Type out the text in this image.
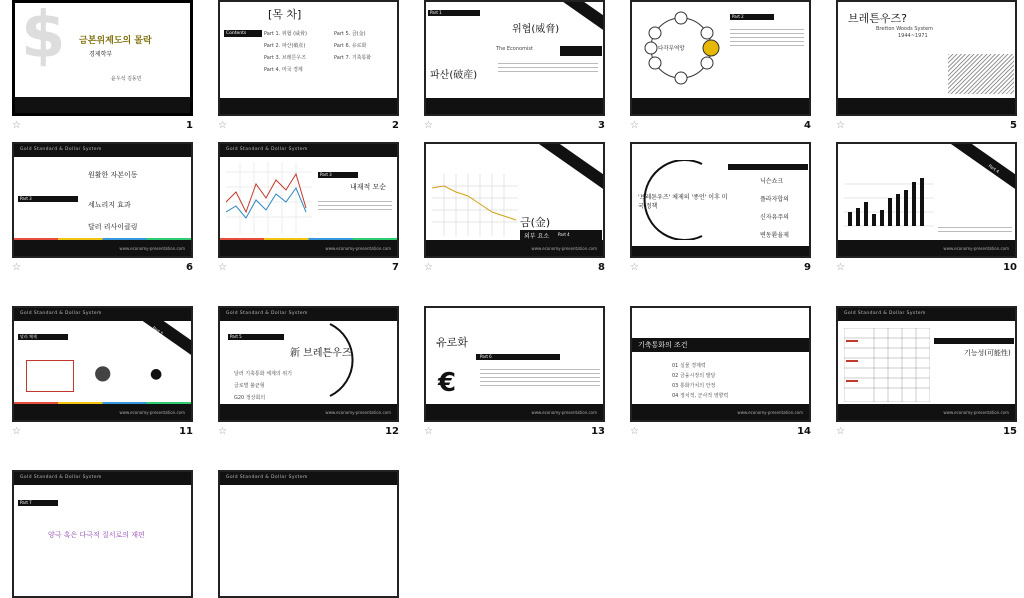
$ 금본위제도의 몰락
경제학부
윤우석 김동민
☆	1
[목 차]
Contents	Part 1. 위협 (威脅)
Part 2. 파산(破産)
Part 3. 브레튼우즈
Part 4. 미국 경제
Part 5. 금(金)
Part 6. 유로화
Part 7. 기축통화
☆	2
Part 1
위협(威脅)
The Economist
파산(破産)
☆	3
다각무역망
Part 2
☆	4
브레튼우즈?
Bretton Woods System
1944~1971
☆	5
Gold Standard & Dollar System
Part 3
원활한 자본이동
세뇨리지 효과
달러 리사이클링
www.economy-presentation.com
☆	6
Gold Standard & Dollar System
Part 3
내재적 모순
www.economy-presentation.com
☆	7
금(金)
외부 요소 Part 4
www.economy-presentation.com
☆	8
'브레튼우즈' 체제의 '종언' 이후 미국 정책
닉슨쇼크
플라자합의
신자유주의
변동환율제
☆	9
Part 4
www.economy-presentation.com
☆	10
Gold Standard & Dollar System
달러 체제
Part 5
●	●
www.economy-presentation.com
☆	11
Gold Standard & Dollar System
Part 5
新 브레튼우즈
달러 기축통화 체제의 위기
글로벌 불균형
G20 정상회의
www.economy-presentation.com
☆	12
유로화
Part 6
€
www.economy-presentation.com
☆	13
기축통화의 조건
01 실물 경제력
02 금융시장의 발달
03 통화가치의 안정
04 정치적, 군사적 영향력
www.economy-presentation.com
☆	14
Gold Standard & Dollar System
기능성(可能性)
www.economy-presentation.com
☆	15
Gold Standard & Dollar System
Part 7
양극 혹은 다극적 질서로의 재편
Gold Standard & Dollar System
